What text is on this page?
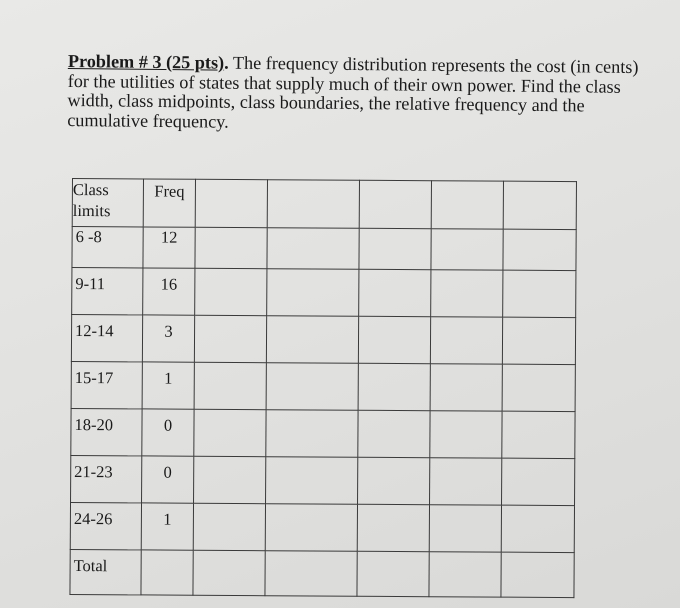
Problem # 3 (25 pts). The frequency distribution represents the cost (in cents) for the utilities of states that supply much of their own power. Find the class width, class midpoints, class boundaries, the relative frequency and the cumulative frequency.
Class
limits	Freq					
6 -8	12					
9-11	16					
12-14	3					
15-17	1					
18-20	0					
21-23	0					
24-26	1					
Total						
